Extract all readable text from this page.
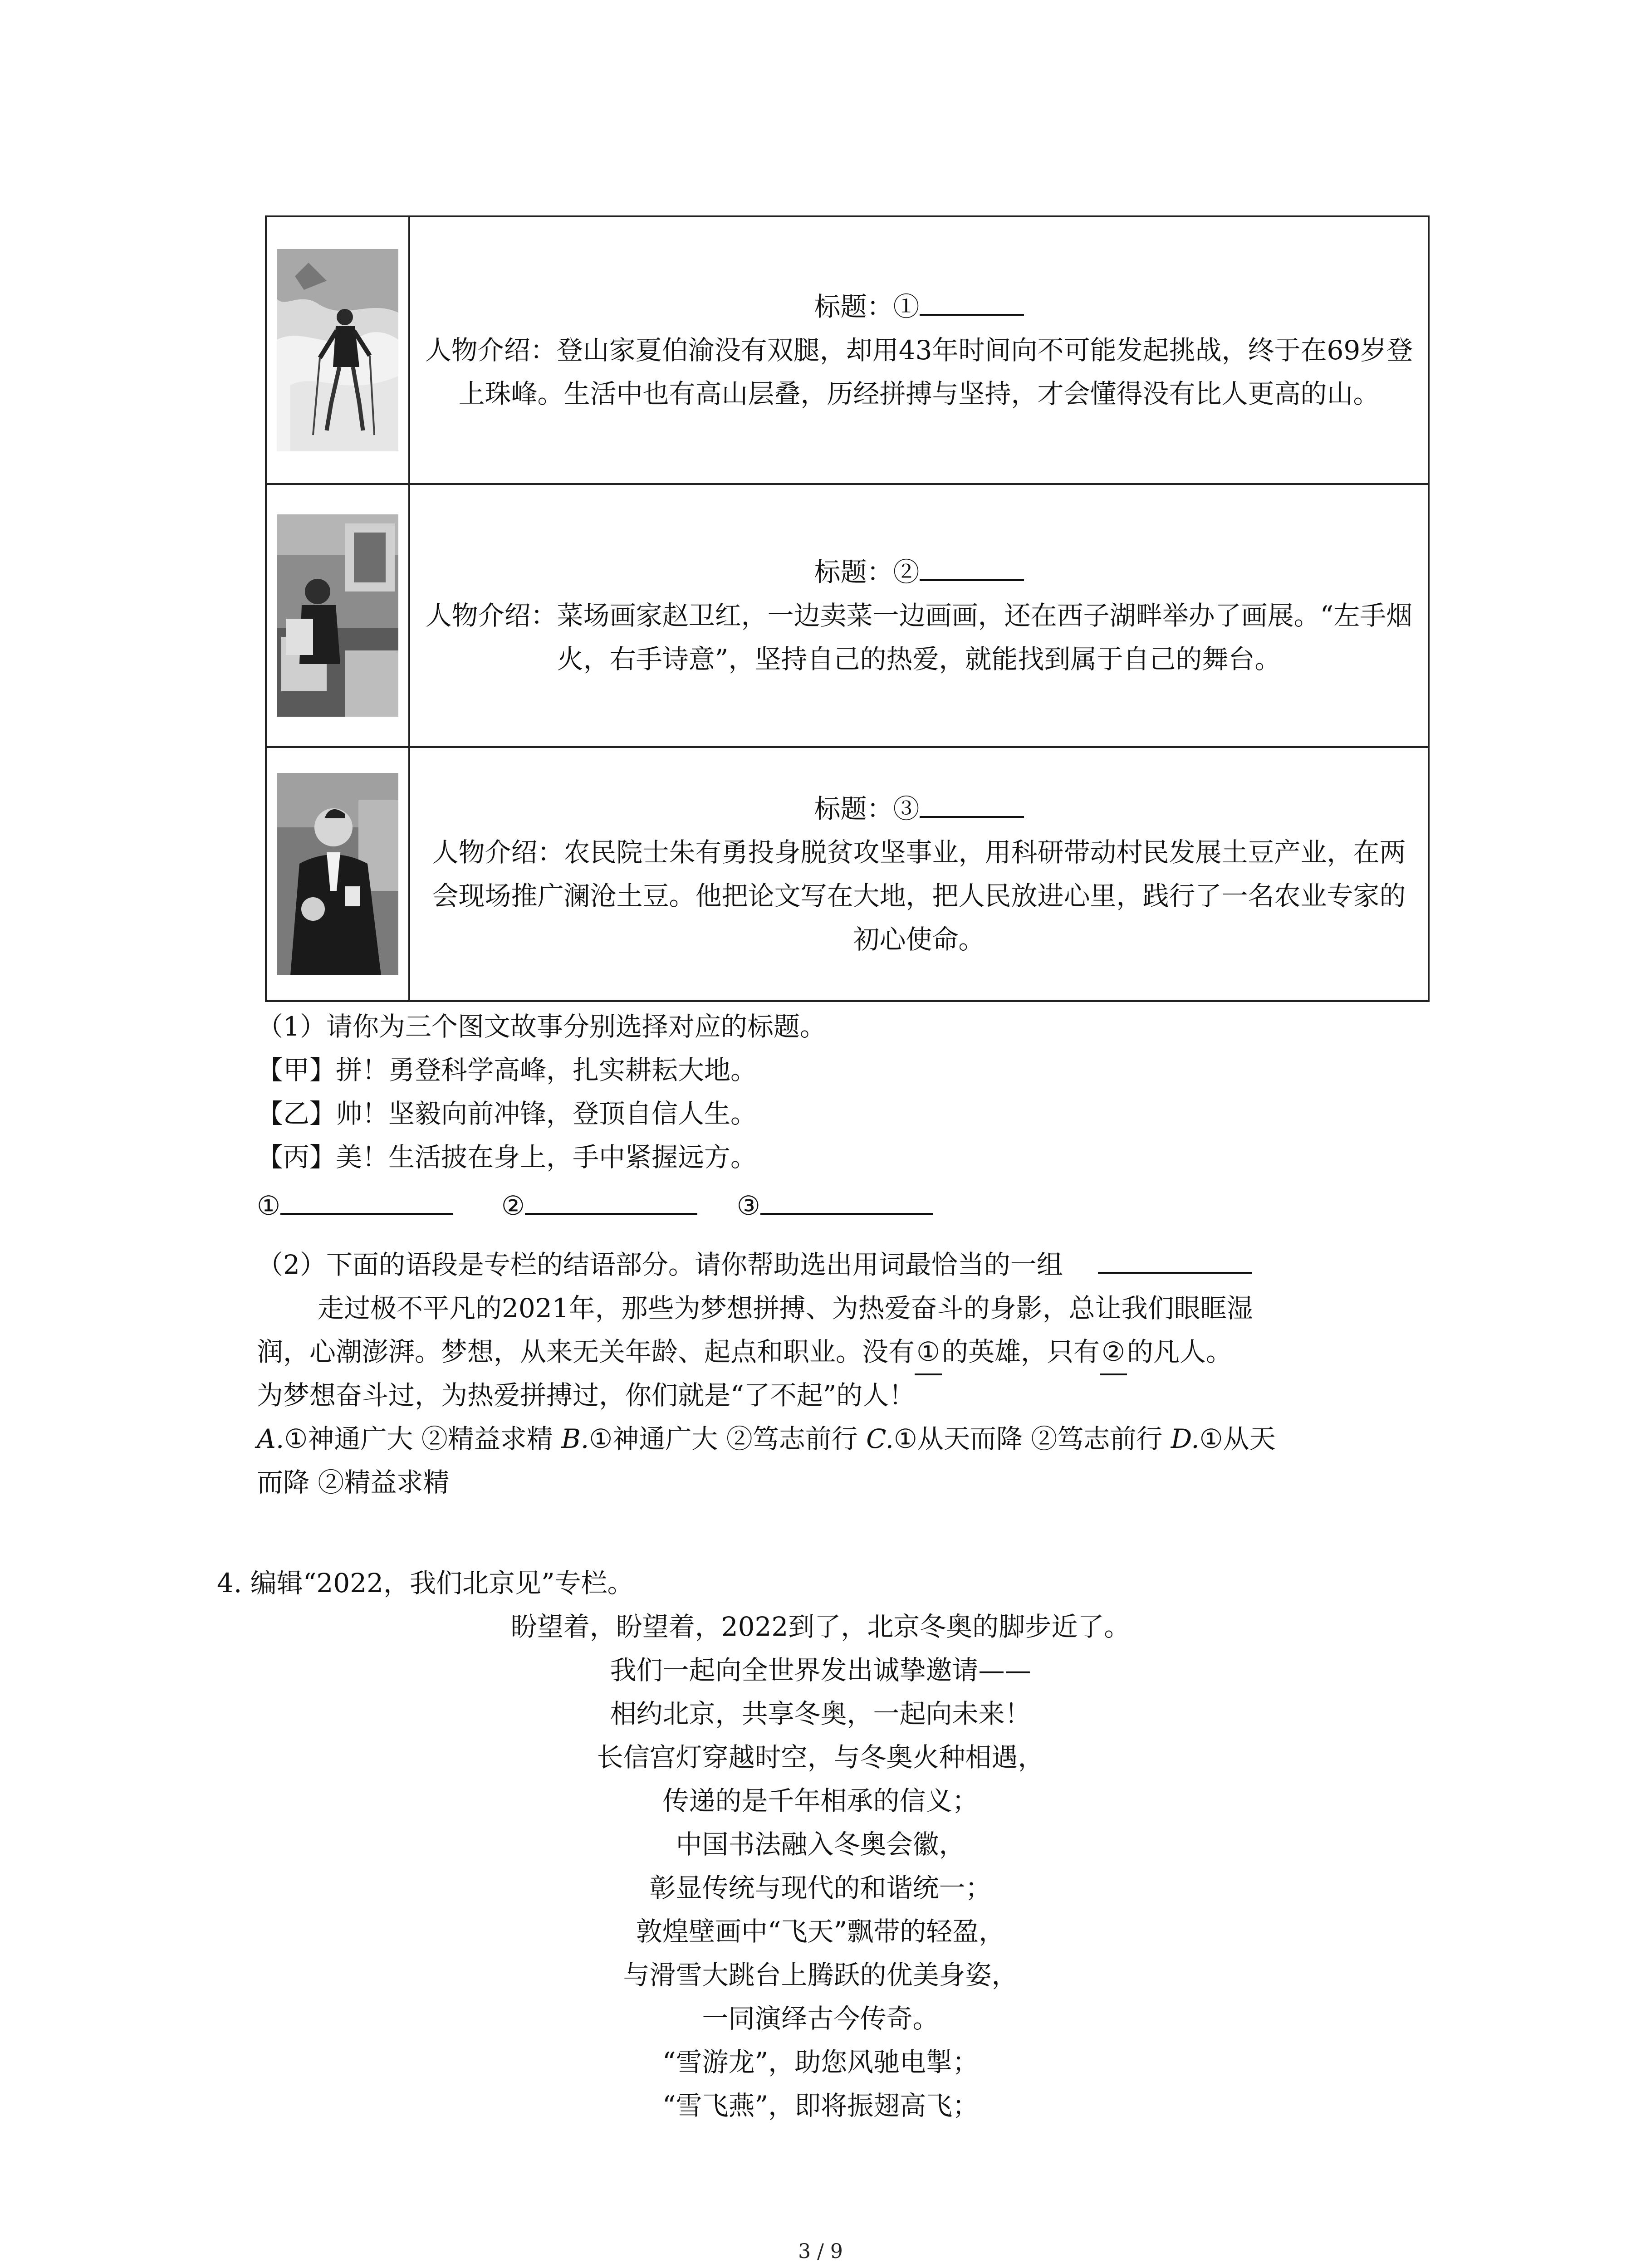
标题：①
人物介绍：登山家夏伯渝没有双腿，却用43年时间向不可能发起挑战，终于在69岁登上珠峰。生活中也有高山层叠，历经拼搏与坚持，才会懂得没有比人更高的山。

标题：②
人物介绍：菜场画家赵卫红，一边卖菜一边画画，还在西子湖畔举办了画展。“左手烟火，右手诗意”，坚持自己的热爱，就能找到属于自己的舞台。

标题：③
人物介绍：农民院士朱有勇投身脱贫攻坚事业，用科研带动村民发展土豆产业，在两会现场推广澜沧土豆。他把论文写在大地，把人民放进心里，践行了一名农业专家的初心使命。
（1）请你为三个图文故事分别选择对应的标题。
【甲】拼！勇登科学高峰，扎实耕耘大地。
【乙】帅！坚毅向前冲锋，登顶自信人生。
【丙】美！生活披在身上，手中紧握远方。
①	②	③
（2）下面的语段是专栏的结语部分。请你帮助选出用词最恰当的一组
走过极不平凡的2021年，那些为梦想拼搏、为热爱奋斗的身影，总让我们眼眶湿
润，心潮澎湃。梦想，从来无关年龄、起点和职业。没有①的英雄，只有②的凡人。
为梦想奋斗过，为热爱拼搏过，你们就是“了不起”的人！
A.①神通广大 ②精益求精 B.①神通广大 ②笃志前行 C.①从天而降 ②笃志前行 D.①从天
而降 ②精益求精
4. 编辑“2022，我们北京见”专栏。
盼望着，盼望着，2022到了，北京冬奥的脚步近了。
我们一起向全世界发出诚挚邀请——
相约北京，共享冬奥，一起向未来！
长信宫灯穿越时空，与冬奥火种相遇，
传递的是千年相承的信义；
中国书法融入冬奥会徽，
彰显传统与现代的和谐统一；
敦煌壁画中“飞天”飘带的轻盈，
与滑雪大跳台上腾跃的优美身姿，
一同演绎古今传奇。
“雪游龙”，助您风驰电掣；
“雪飞燕”，即将振翅高飞；
3 / 9
